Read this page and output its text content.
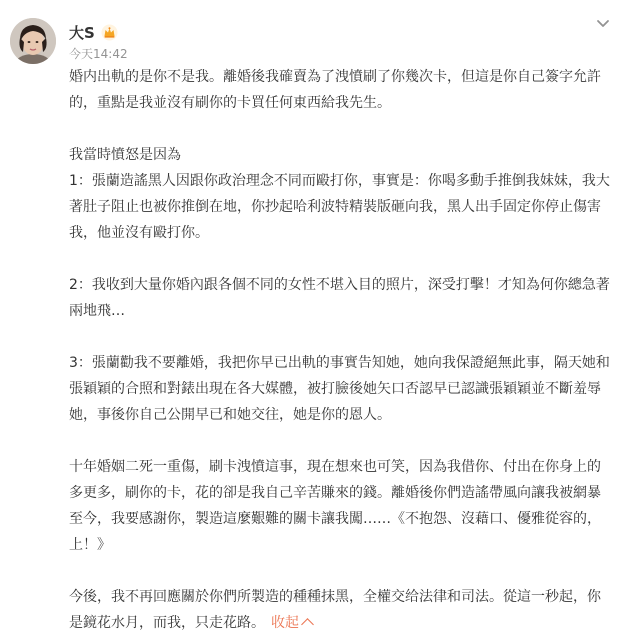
大S
今天14:42

婚内出軌的是你不是我。離婚後我確賣為了洩憤刷了你幾次卡，但這是你自己簽字允許
的，重點是我並沒有刷你的卡買任何東西給我先生。

我當時憤怒是因為
1：張蘭造謠黑人因跟你政治理念不同而毆打你，事實是：你喝多動手推倒我妹妹，我大
著肚子阻止也被你推倒在地，你抄起哈利波特精裝版砸向我，黑人出手固定你停止傷害
我，他並沒有毆打你。

2：我收到大量你婚內跟各個不同的女性不堪入目的照片，深受打擊！才知為何你總急著
兩地飛…

3：張蘭勸我不要離婚，我把你早已出軌的事實告知她，她向我保證絕無此事，隔天她和
張穎穎的合照和對錶出現在各大媒體，被打臉後她矢口否認早已認識張穎穎並不斷羞辱
她，事後你自己公開早已和她交往，她是你的恩人。

十年婚姻二死一重傷，刷卡洩憤這事，現在想來也可笑，因為我借你、付出在你身上的
多更多，刷你的卡，花的卻是我自己辛苦賺來的錢。離婚後你們造謠帶風向讓我被網暴
至今，我要感謝你，製造這麼艱難的關卡讓我闖……《不抱怨、沒藉口、優雅從容的，
上！》

今後，我不再回應關於你們所製造的種種抹黑，全權交给法律和司法。從這一秒起，你
是鏡花水月，而我，只走花路。 收起
